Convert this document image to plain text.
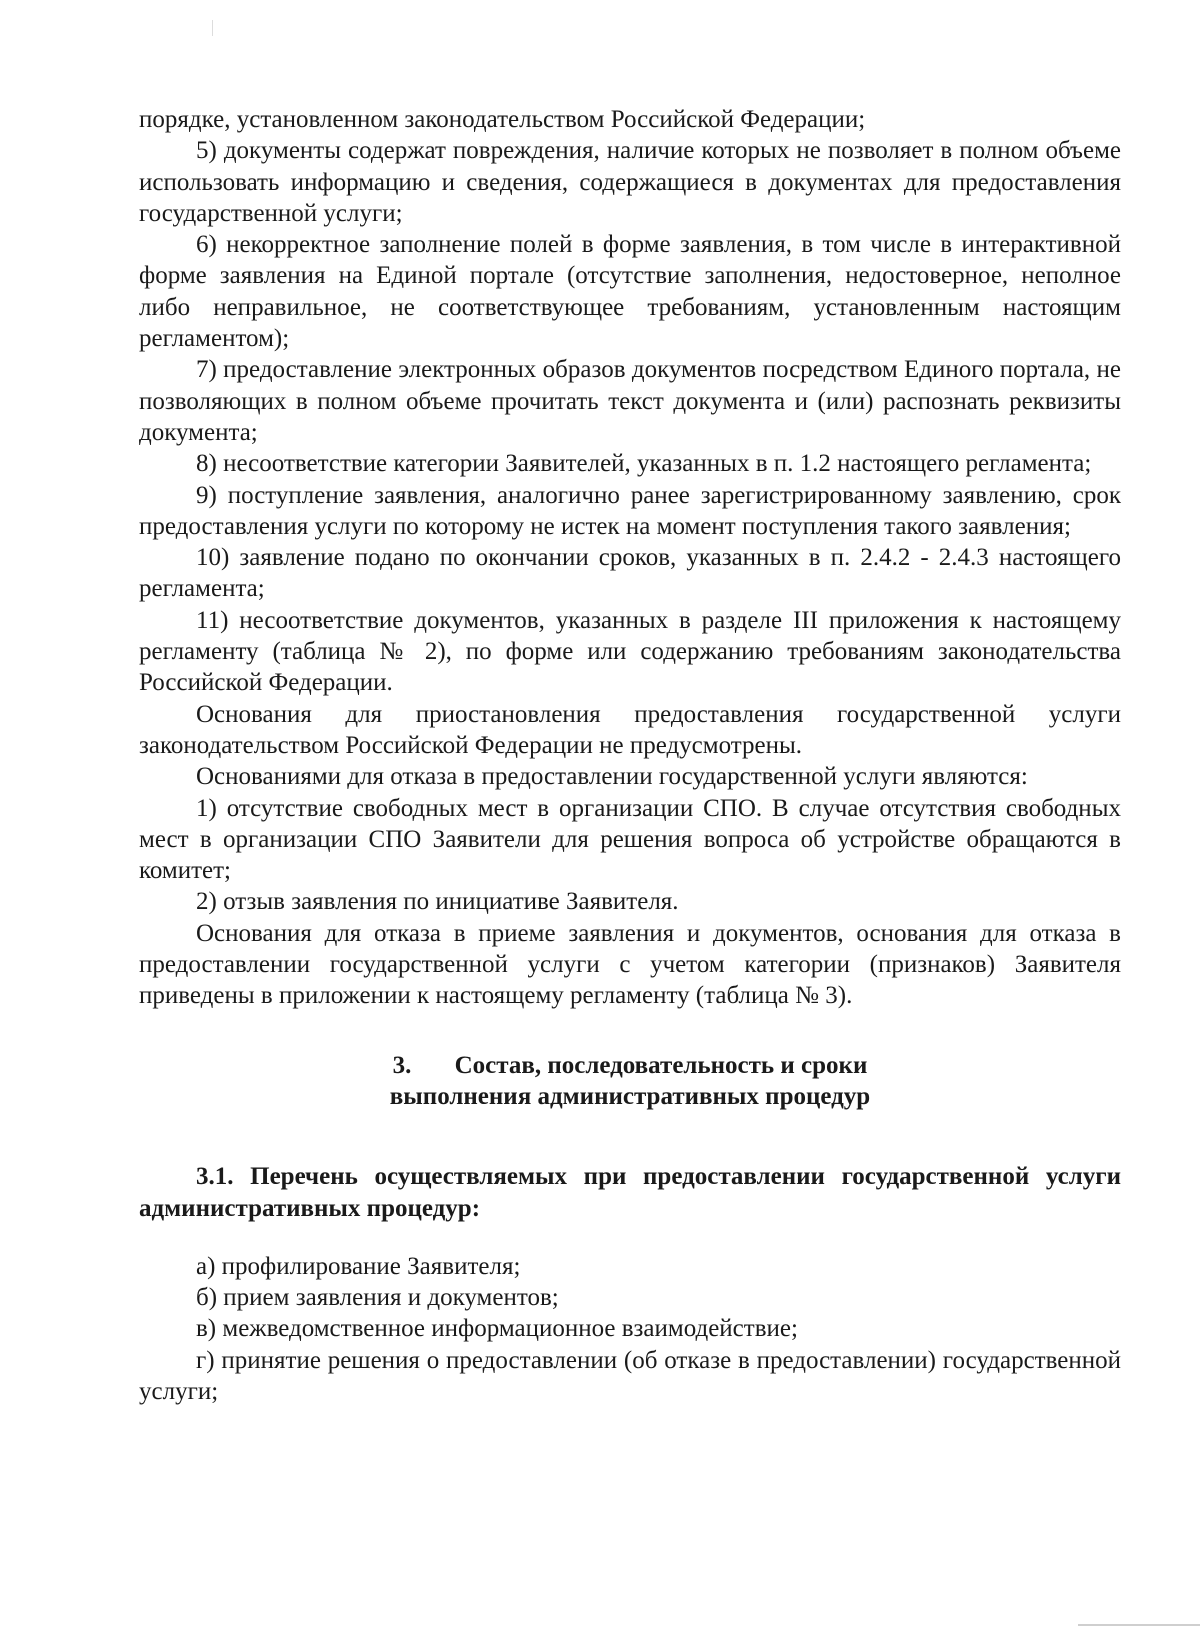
порядке, установленном законодательством Российской Федерации;

5) документы содержат повреждения, наличие которых не позволяет в полном объеме использовать информацию и сведения, содержащиеся в документах для предоставления государственной услуги;

6) некорректное заполнение полей в форме заявления, в том числе в интерактивной форме заявления на Единой портале (отсутствие заполнения, недостоверное, неполное либо неправильное, не соответствующее требованиям, установленным настоящим регламентом);

7) предоставление электронных образов документов посредством Единого портала, не позволяющих в полном объеме прочитать текст документа и (или) распознать реквизиты документа;

8) несоответствие категории Заявителей, указанных в п. 1.2 настоящего регламента;

9) поступление заявления, аналогично ранее зарегистрированному заявлению, срок предоставления услуги по которому не истек на момент поступления такого заявления;

10) заявление подано по окончании сроков, указанных в п. 2.4.2 - 2.4.3 настоящего регламента;

11) несоответствие документов, указанных в разделе III приложения к настоящему регламенту (таблица № 2), по форме или содержанию требованиям законодательства Российской Федерации.

Основания для приостановления предоставления государственной услуги законодательством Российской Федерации не предусмотрены.

Основаниями для отказа в предоставлении государственной услуги являются:

1) отсутствие свободных мест в организации СПО. В случае отсутствия свободных мест в организации СПО Заявители для решения вопроса об устройстве обращаются в комитет;

2) отзыв заявления по инициативе Заявителя.

Основания для отказа в приеме заявления и документов, основания для отказа в предоставлении государственной услуги с учетом категории (признаков) Заявителя приведены в приложении к настоящему регламенту (таблица № 3).

3. Состав, последовательность и сроки
выполнения административных процедур

3.1. Перечень осуществляемых при предоставлении государственной услуги административных процедур:

а) профилирование Заявителя;

б) прием заявления и документов;

в) межведомственное информационное взаимодействие;

г) принятие решения о предоставлении (об отказе в предоставлении) государственной услуги;
